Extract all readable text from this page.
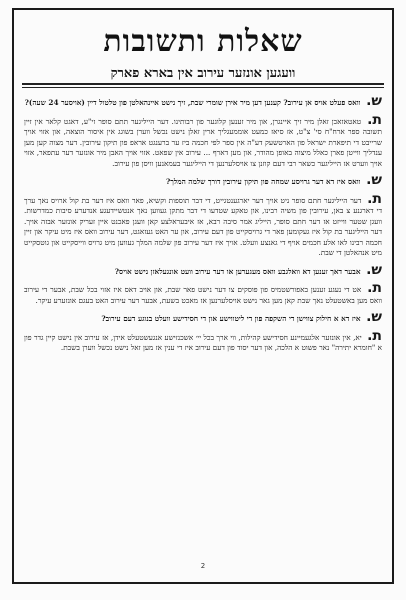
שאלות ותשובות
וועגען אונזער עירוב אין בארא פארק

ש. וואס פעלט אויס אן עירוב? קענען דען מיר אירן שומרי שבת, זיך נישט איינהאלטן פון טלטול דיין (אויסער 24 שעה)?

ת. טאטאזאכן זאלן מיר זיך איינגרן, און מיר זענען קלוגער פון רבותינו. דער הייליגער תתם סופר זי"ע, דאגט קלאר אין זיין תשובה ספר ארח"ח סי' צ"ט, אז סיאז כמעט אוממעגליך ארין זאלן נישט נכשל ווערן בשוגג אין איסור הוצאה, און אזוי אויך שרייבט די תיפארת ישראל פון הארטשעק דע"ה אין ספר לפי חכמה ביז ער ברענגט אראפ פון תיקון עירובין. דער מצוה קען מען ענדליך ווייטן פארן כאלל מיצוה באופן מהודר, און מען דארף ... עירוב אין שפאט. אזוי אויך האבן מיר אונזער דער עתפאר, אזוי אויך ווערט אז הייליגער כשאר רבי דעם קוזנן צו אויסלערנען די הייליגער בעמאנען וויסן פון עירוב.

ש. וואס איז דא דער גרויסע שמחה פון תיקון עירובין דורך שלמה המלך?

ת. דער הייליגער חתם סופר ניט אויך דער יארגענטגייט, די דבר תוספות וקשיא, פאר וואס איז דער בת קול ארויס נאך ערך די דארגנע צ באן, עירובין פון משיה רבינו, און טאקע שטדעו די דבר מתקן געווען נאך אנטשיידעגע אנדערע סיבות כמדרשות. וועגן שטער ווייזט אז דער חתם סופר, הייליג אמר סיבה רבא, אז איבעראלצע קאן וועגן פאכנט איין זעריק אונזער אבזה אויך. דער הייליגער בת קול איז געקומען פאר די גרויסקייט פון דעם עירוב, און ער האט געזאגט, דער עירוב וואס איז מיט עיקר און זיין חכמה רבינו לאו אלע חכמים אויף די גאנצע וועלט. אויך איז דער עירוב פון שלמה המלך געווען מיט גרויס ווייסקייט און גוטסקייט מיט אנהאלטן די שבת.

ש. אבער דאך זענען דא וואלגבע וואס מעגערען או דער עירוב וועט אונגעלאזן נישט אויס?

ת. אט די נעגע זענען באפורשטמיס פון פוסקים צו דער נישט פאר שבת, און אויב דאס איז אזוי בכל שבת, אבער די עירוב וואס מען באשטעלט נאך שבת קאן מען גאר נישט אויסלערנען אז מאכט בשעת, אבער דער עירוב האט בעגם אונזערע עיקר.

ש. איז דא א חילוק צווישן די השקפה פון די ליטווישע און די חסידישע וועלט בנוגע דעם עירוב?

ת. יא, אין אונזער אלגעמיינע חסידישע קהילות, ווי ארך בכל יי׳ אשכנזישע אנגעשטעלט אידן, אז עירוב אין נישט קיין גדר פון א "חומרא יתירה" נאר פשוט א הלכה, און דער יסוד פון דעם עירוב איז די ענין אז מען זאל נישט נכשל ווערן בשבת.

2
